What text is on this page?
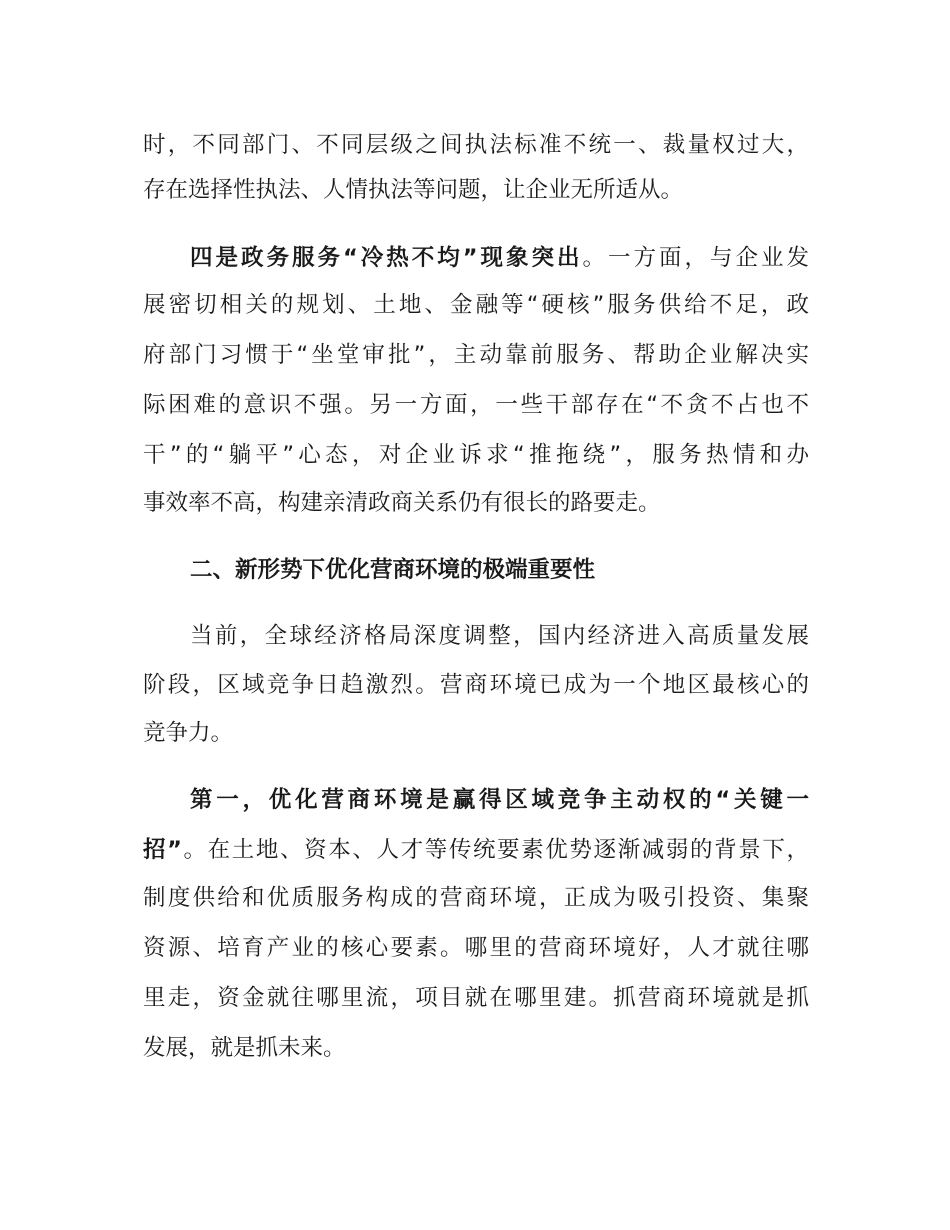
时，不同部门、不同层级之间执法标准不统一、裁量权过大，
存在选择性执法、人情执法等问题，让企业无所适从。
四是政务服务“冷热不均”现象突出。一方面，与企业发
展密切相关的规划、土地、金融等“硬核”服务供给不足，政
府部门习惯于“坐堂审批”，主动靠前服务、帮助企业解决实
际困难的意识不强。另一方面，一些干部存在“不贪不占也不
干”的“躺平”心态，对企业诉求“推拖绕”，服务热情和办
事效率不高，构建亲清政商关系仍有很长的路要走。
二、新形势下优化营商环境的极端重要性
当前，全球经济格局深度调整，国内经济进入高质量发展
阶段，区域竞争日趋激烈。营商环境已成为一个地区最核心的
竞争力。
第一，优化营商环境是赢得区域竞争主动权的“关键一
招”。在土地、资本、人才等传统要素优势逐渐减弱的背景下，
制度供给和优质服务构成的营商环境，正成为吸引投资、集聚
资源、培育产业的核心要素。哪里的营商环境好，人才就往哪
里走，资金就往哪里流，项目就在哪里建。抓营商环境就是抓
发展，就是抓未来。
